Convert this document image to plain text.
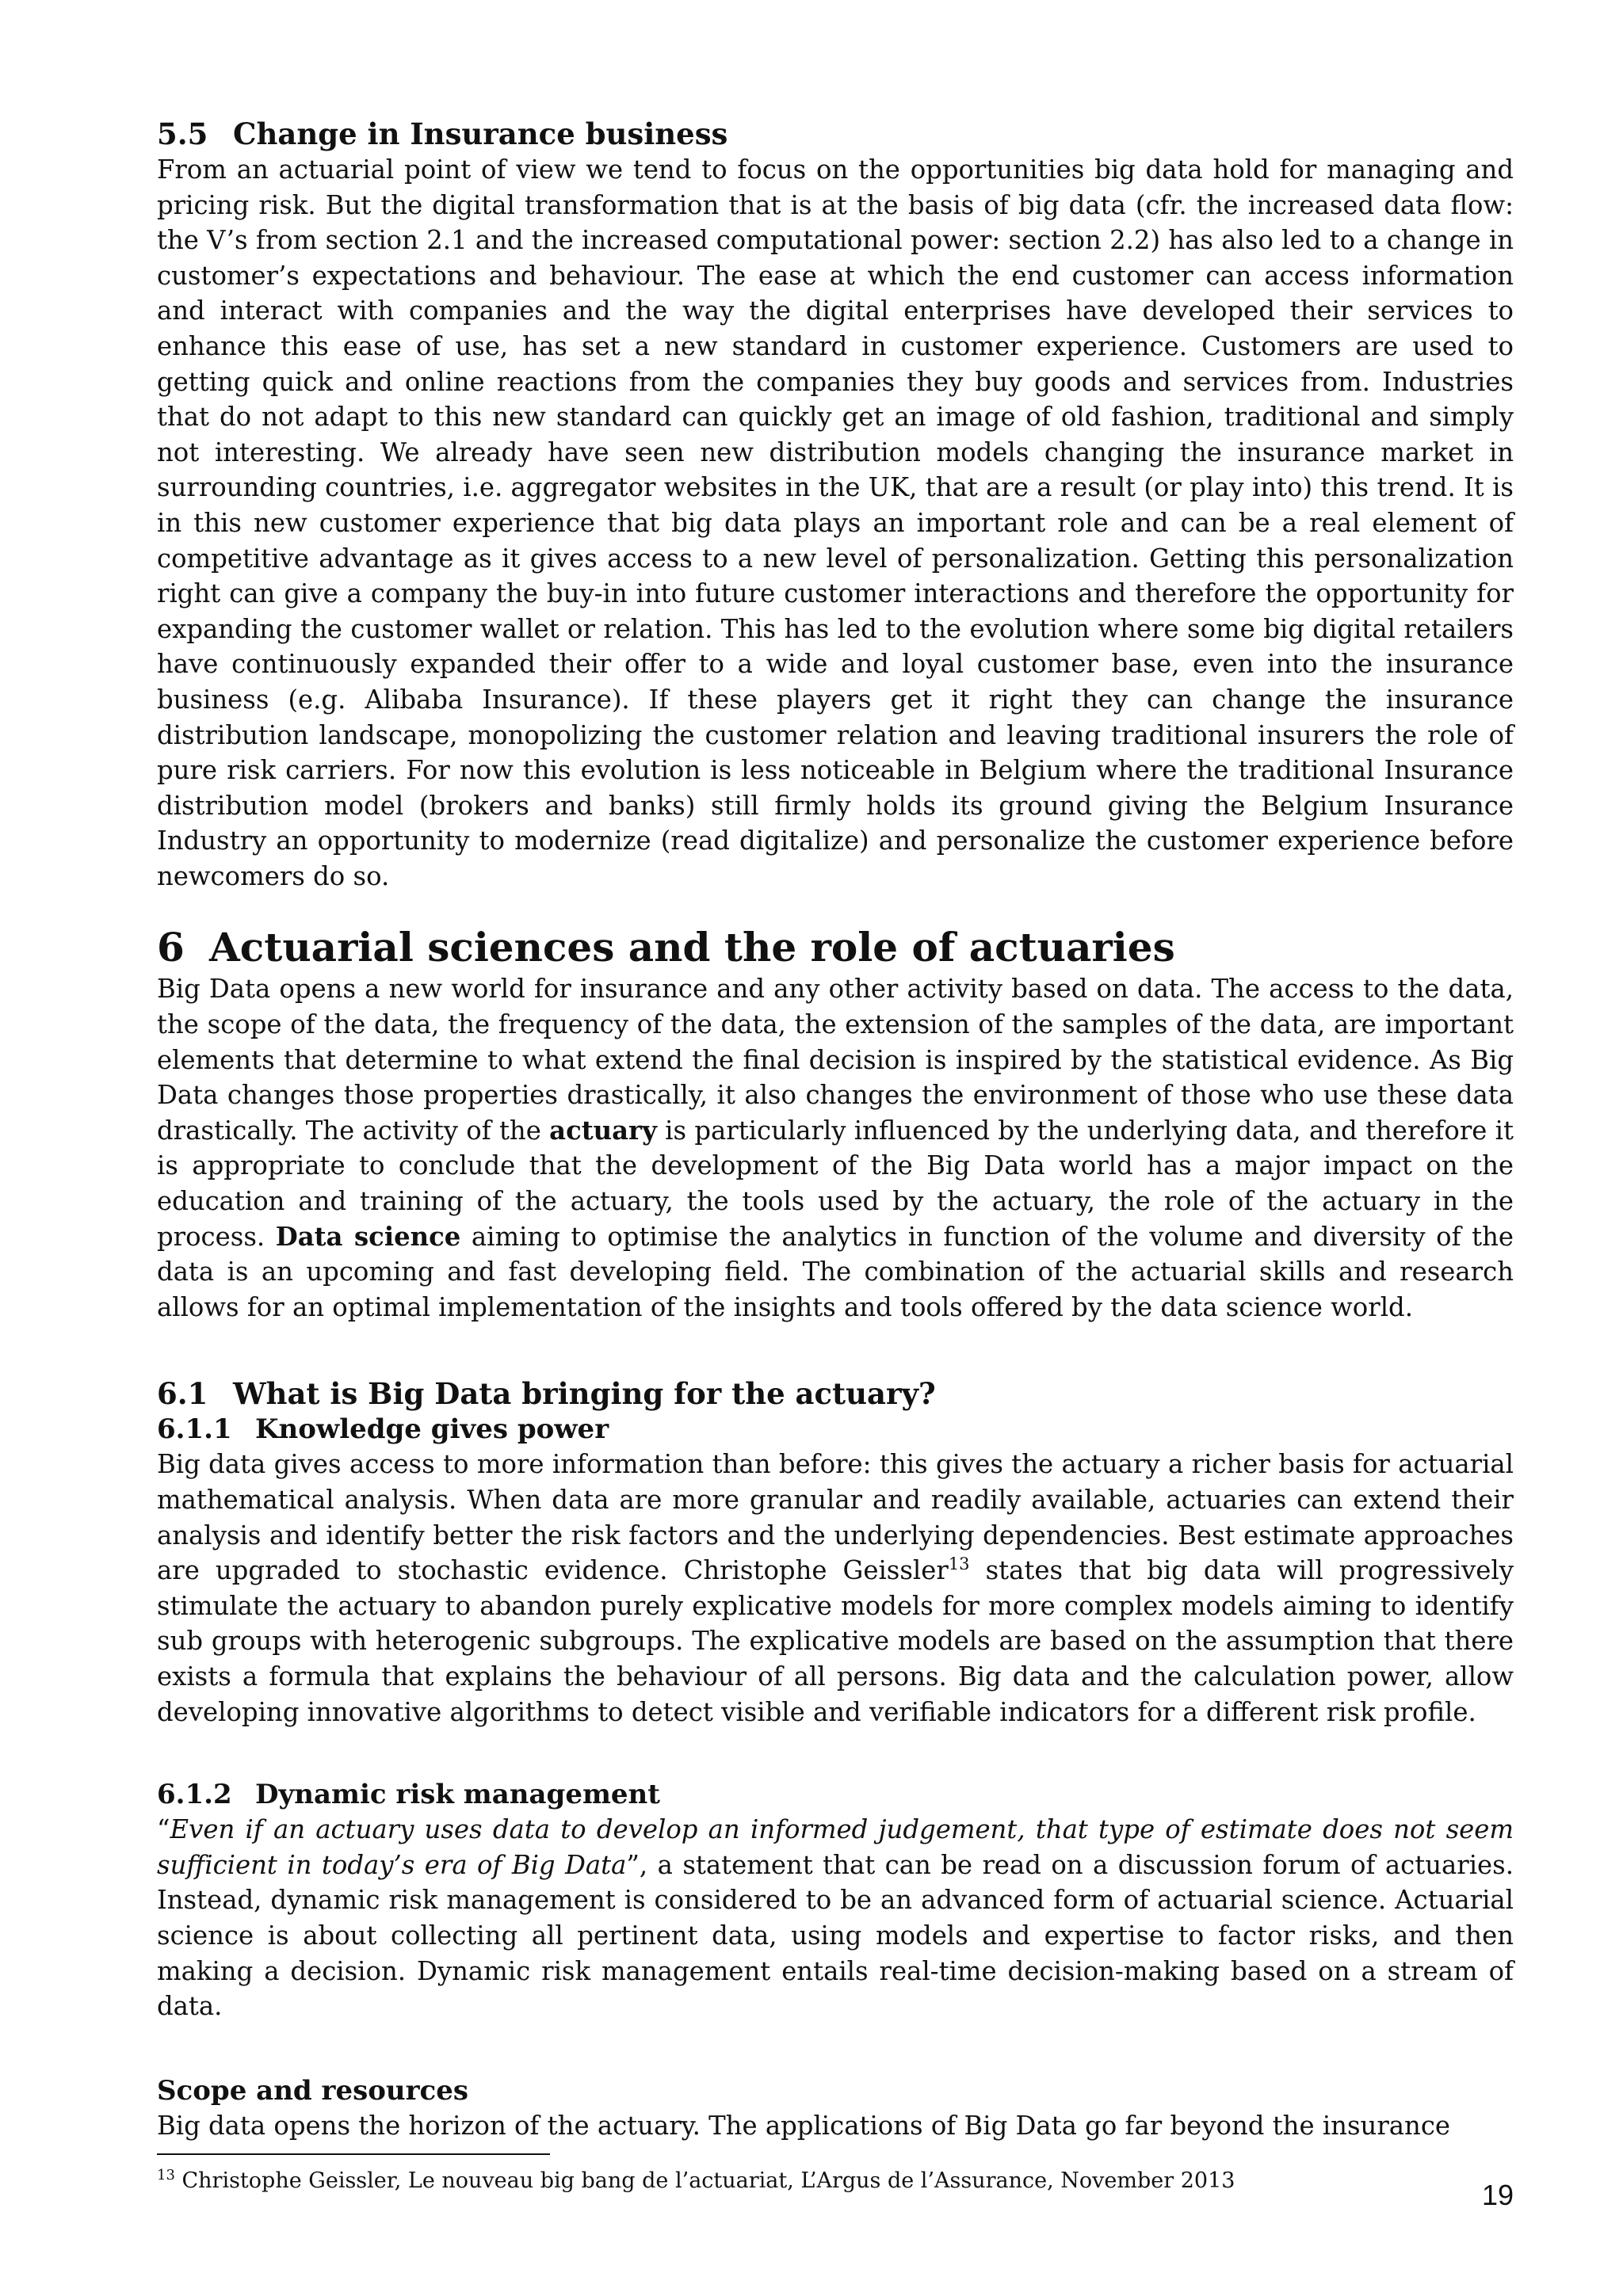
5.5 Change in Insurance business

From an actuarial point of view we tend to focus on the opportunities big data hold for managing and pricing risk. But the digital transformation that is at the basis of big data (cfr. the increased data flow: the V’s from section 2.1 and the increased computational power: section 2.2) has also led to a change in customer’s expectations and behaviour. The ease at which the end customer can access information and interact with companies and the way the digital enterprises have developed their services to enhance this ease of use, has set a new standard in customer experience. Customers are used to getting quick and online reactions from the companies they buy goods and services from. Industries that do not adapt to this new standard can quickly get an image of old fashion, traditional and simply not interesting. We already have seen new distribution models changing the insurance market in surrounding countries, i.e. aggregator websites in the UK, that are a result (or play into) this trend. It is in this new customer experience that big data plays an important role and can be a real element of competitive advantage as it gives access to a new level of personalization. Getting this personalization right can give a company the buy-in into future customer interactions and therefore the opportunity for expanding the customer wallet or relation. This has led to the evolution where some big digital retailers have continuously expanded their offer to a wide and loyal customer base, even into the insurance business (e.g. Alibaba Insurance). If these players get it right they can change the insurance distribution landscape, monopolizing the customer relation and leaving traditional insurers the role of pure risk carriers. For now this evolution is less noticeable in Belgium where the traditional Insurance distribution model (brokers and banks) still firmly holds its ground giving the Belgium Insurance Industry an opportunity to modernize (read digitalize) and personalize the customer experience before newcomers do so.

6 Actuarial sciences and the role of actuaries

Big Data opens a new world for insurance and any other activity based on data. The access to the data, the scope of the data, the frequency of the data, the extension of the samples of the data, are important elements that determine to what extend the final decision is inspired by the statistical evidence. As Big Data changes those properties drastically, it also changes the environment of those who use these data drastically. The activity of the actuary is particularly influenced by the underlying data, and therefore it is appropriate to conclude that the development of the Big Data world has a major impact on the education and training of the actuary, the tools used by the actuary, the role of the actuary in the process. Data science aiming to optimise the analytics in function of the volume and diversity of the data is an upcoming and fast developing field. The combination of the actuarial skills and research allows for an optimal implementation of the insights and tools offered by the data science world.

6.1 What is Big Data bringing for the actuary?
6.1.1 Knowledge gives power

Big data gives access to more information than before: this gives the actuary a richer basis for actuarial mathematical analysis. When data are more granular and readily available, actuaries can extend their analysis and identify better the risk factors and the underlying dependencies. Best estimate approaches are upgraded to stochastic evidence. Christophe Geissler$^{13}$ states that big data will progressively stimulate the actuary to abandon purely explicative models for more complex models aiming to identify sub groups with heterogenic subgroups. The explicative models are based on the assumption that there exists a formula that explains the behaviour of all persons. Big data and the calculation power, allow developing innovative algorithms to detect visible and verifiable indicators for a different risk profile.

6.1.2 Dynamic risk management

“Even if an actuary uses data to develop an informed judgement, that type of estimate does not seem sufficient in today’s era of Big Data”, a statement that can be read on a discussion forum of actuaries. Instead, dynamic risk management is considered to be an advanced form of actuarial science. Actuarial science is about collecting all pertinent data, using models and expertise to factor risks, and then making a decision. Dynamic risk management entails real-time decision-making based on a stream of data.

Scope and resources

Big data opens the horizon of the actuary. The applications of Big Data go far beyond the insurance

$^{13}$ Christophe Geissler, Le nouveau big bang de l’actuariat, L’Argus de l’Assurance, November 2013	19
